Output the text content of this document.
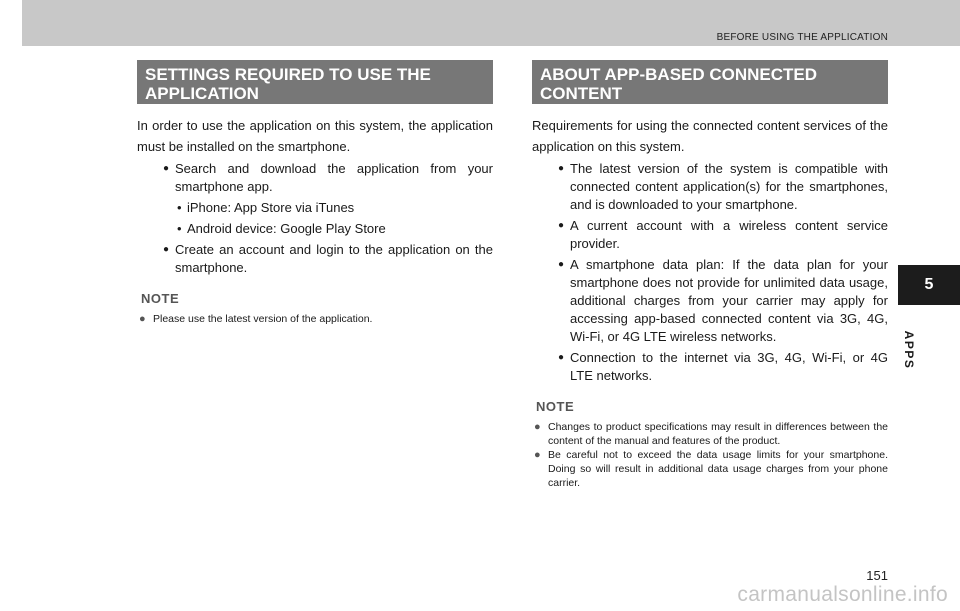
BEFORE USING THE APPLICATION
5
APPS
SETTINGS REQUIRED TO USE THE
APPLICATION

In order to use the application on this system, the application must be installed on the smartphone.

● Search and download the application from your smartphone app.
• iPhone: App Store via iTunes
• Android device: Google Play Store
● Create an account and login to the application on the smartphone.
NOTE
● Please use the latest version of the application.
ABOUT APP-BASED CONNECTED
CONTENT

Requirements for using the connected content services of the application on this system.

● The latest version of the system is compatible with connected content application(s) for the smartphones, and is downloaded to your smartphone.
● A current account with a wireless content service provider.
● A smartphone data plan: If the data plan for your smartphone does not provide for unlimited data usage, additional charges from your carrier may apply for accessing app-based connected content via 3G, 4G, Wi-Fi, or 4G LTE wireless networks.
● Connection to the internet via 3G, 4G, Wi-Fi, or 4G LTE networks.
NOTE
● Changes to product specifications may result in differences between the content of the manual and features of the product.
● Be careful not to exceed the data usage limits for your smartphone. Doing so will result in additional data usage charges from your phone carrier.
151
carmanualsonline.info
